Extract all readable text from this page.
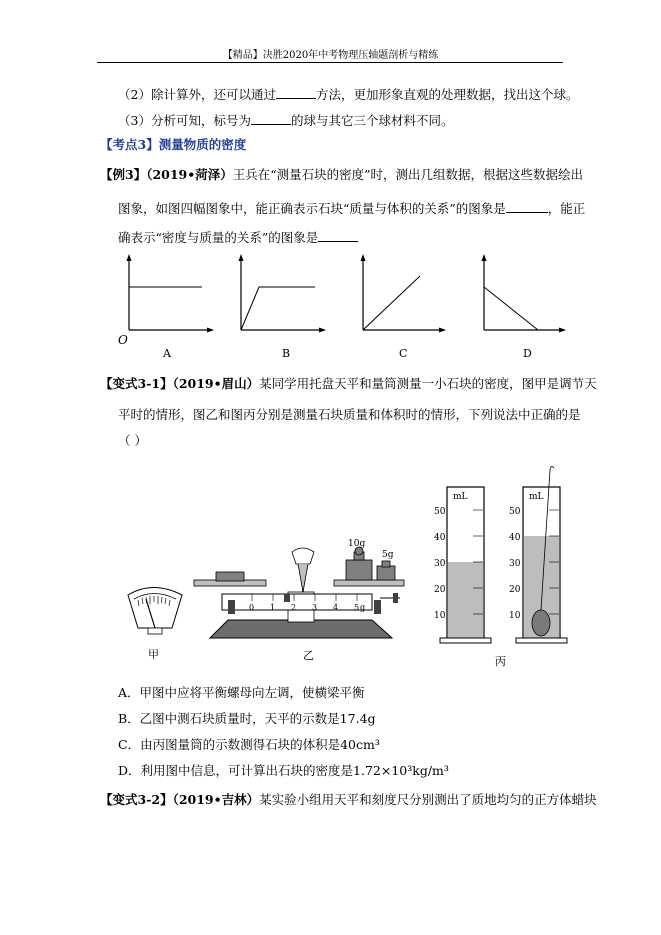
【精品】决胜2020年中考物理压轴题剖析与精练
（2）除计算外，还可以通过	方法，更加形象直观的处理数据，找出这个球。
（3）分析可知，标号为	的球与其它三个球材料不同。
【考点3】测量物质的密度
【例3】（2019•菏泽）王兵在“测量石块的密度”时，测出几组数据，根据这些数据绘出
图象，如图四幅图象中，能正确表示石块“质量与体积的关系”的图象是	，能正
确表示“密度与质量的关系”的图象是
O
A	B	C	D
【变式3-1】（2019•眉山）某同学用托盘天平和量筒测量一小石块的密度，图甲是调节天
平时的情形，图乙和图丙分别是测量石块质量和体积时的情形，下列说法中正确的是
（ ）
甲
0 1 2 3 4 5 g
10g
5g
乙
mL
50
40
30
20
10
mL
50
40
30
20
10
丙
A．甲图中应将平衡螺母向左调，使横梁平衡
B．乙图中测石块质量时，天平的示数是17.4g
C．由丙图量筒的示数测得石块的体积是40cm³
D．利用图中信息，可计算出石块的密度是1.72×10³kg/m³
【变式3-2】（2019•吉林）某实验小组用天平和刻度尺分别测出了质地均匀的正方体蜡块
